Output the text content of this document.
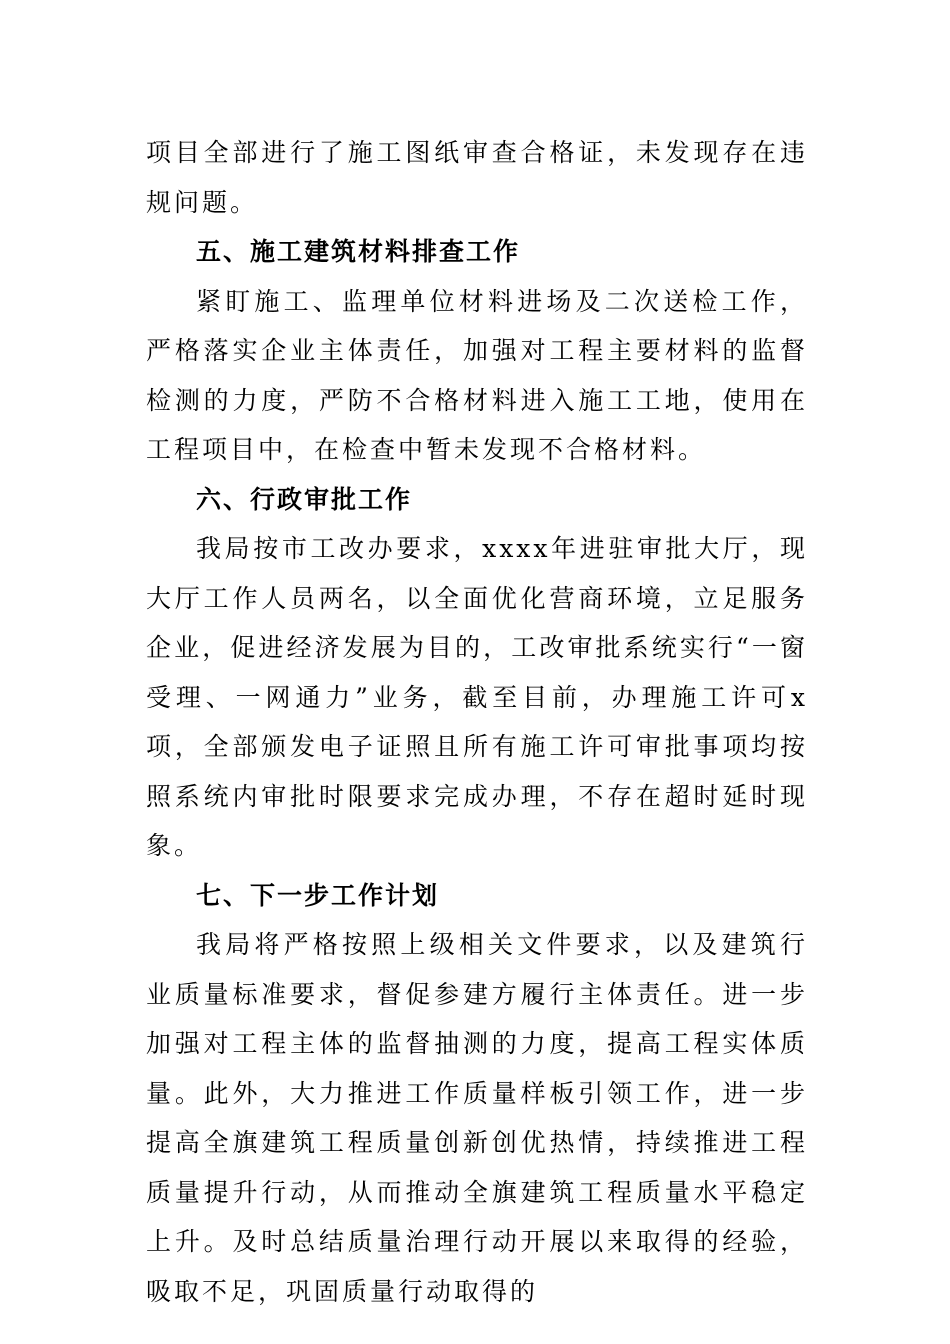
项目全部进行了施工图纸审查合格证，未发现存在违规问题。

五、施工建筑材料排查工作

紧盯施工、监理单位材料进场及二次送检工作，严格落实企业主体责任，加强对工程主要材料的监督检测的力度，严防不合格材料进入施工工地，使用在工程项目中，在检查中暂未发现不合格材料。

六、行政审批工作

我局按市工改办要求，xxxx年进驻审批大厅，现大厅工作人员两名，以全面优化营商环境，立足服务企业，促进经济发展为目的，工改审批系统实行“一窗受理、一网通力”业务，截至目前，办理施工许可x项，全部颁发电子证照且所有施工许可审批事项均按照系统内审批时限要求完成办理，不存在超时延时现象。

七、下一步工作计划

我局将严格按照上级相关文件要求，以及建筑行业质量标准要求，督促参建方履行主体责任。进一步加强对工程主体的监督抽测的力度，提高工程实体质量。此外，大力推进工作质量样板引领工作，进一步提高全旗建筑工程质量创新创优热情，持续推进工程质量提升行动，从而推动全旗建筑工程质量水平稳定上升。及时总结质量治理行动开展以来取得的经验，吸取不足，巩固质量行动取得的
